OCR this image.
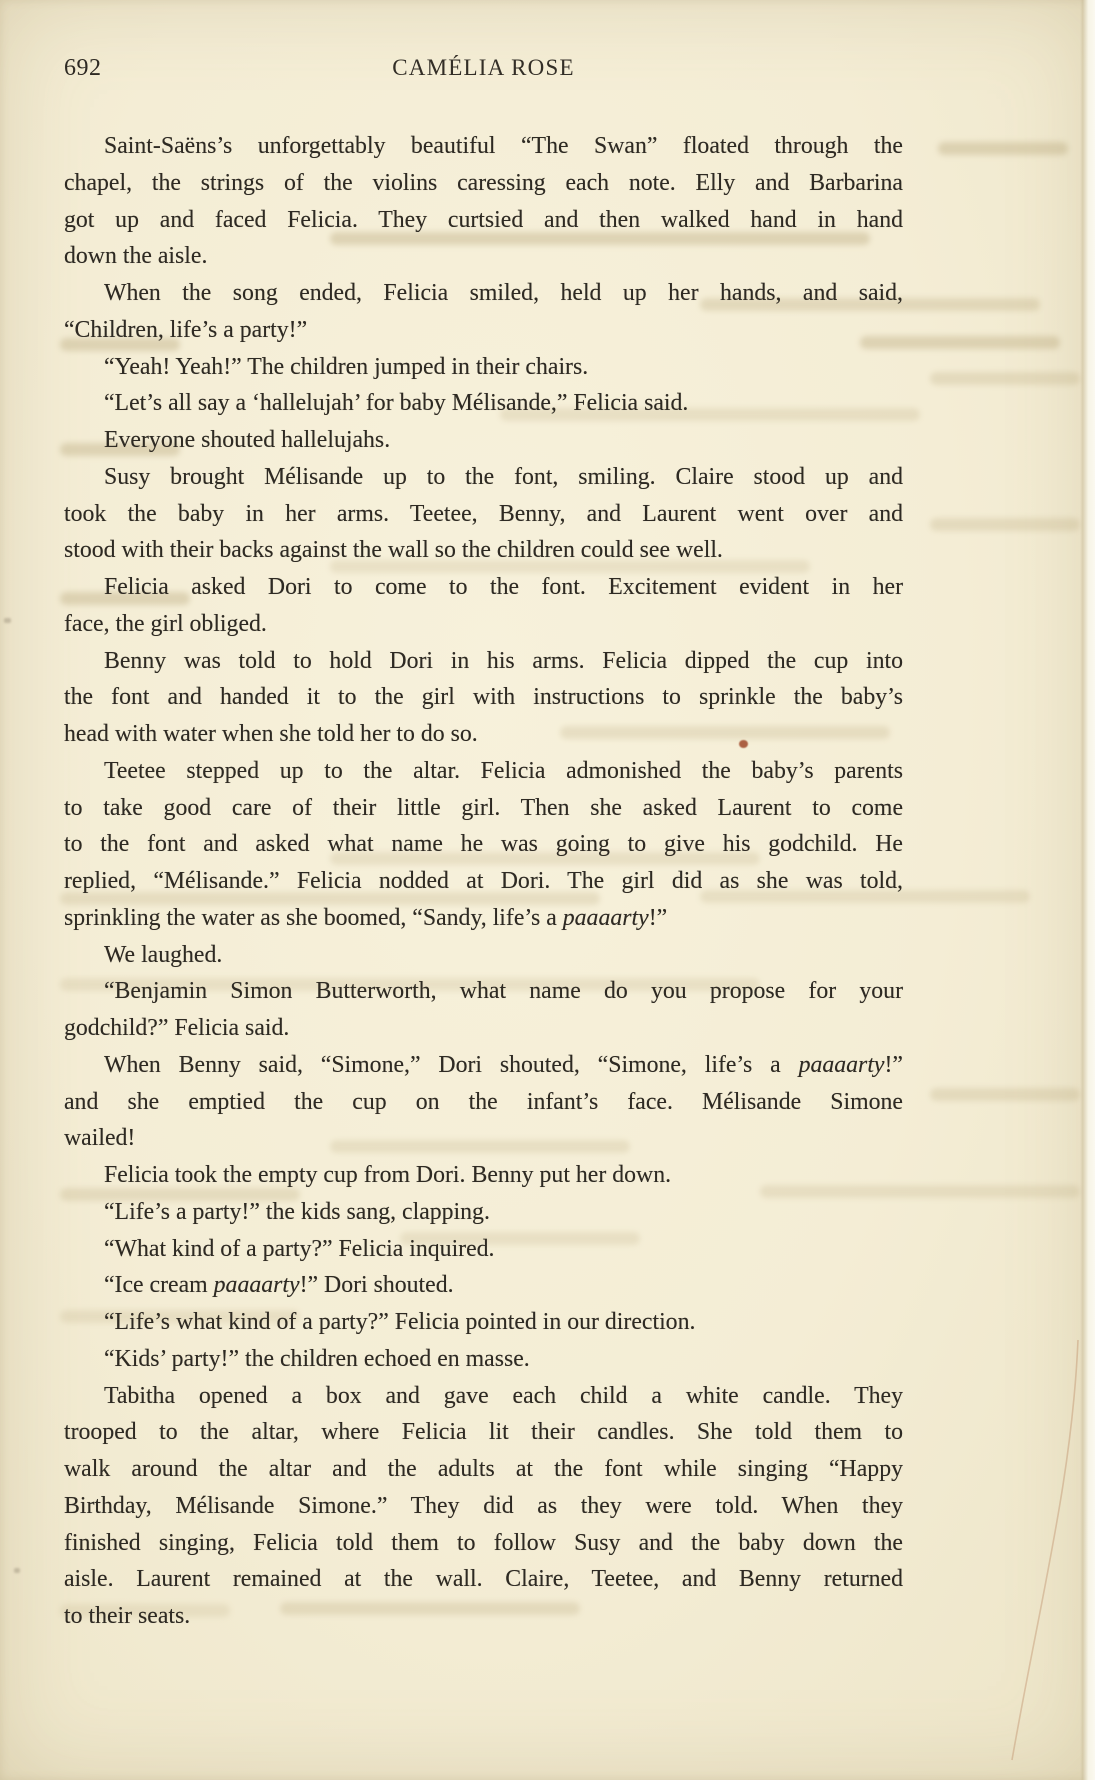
692	CAMÉLIA ROSE
Saint-Saëns’s unforgettably beautiful “The Swan” floated through the
chapel, the strings of the violins caressing each note. Elly and Barbarina
got up and faced Felicia. They curtsied and then walked hand in hand
down the aisle.
When the song ended, Felicia smiled, held up her hands, and said,
“Children, life’s a party!”
“Yeah! Yeah!” The children jumped in their chairs.
“Let’s all say a ‘hallelujah’ for baby Mélisande,” Felicia said.
Everyone shouted hallelujahs.
Susy brought Mélisande up to the font, smiling. Claire stood up and
took the baby in her arms. Teetee, Benny, and Laurent went over and
stood with their backs against the wall so the children could see well.
Felicia asked Dori to come to the font. Excitement evident in her
face, the girl obliged.
Benny was told to hold Dori in his arms. Felicia dipped the cup into
the font and handed it to the girl with instructions to sprinkle the baby’s
head with water when she told her to do so.
Teetee stepped up to the altar. Felicia admonished the baby’s parents
to take good care of their little girl. Then she asked Laurent to come
to the font and asked what name he was going to give his godchild. He
replied, “Mélisande.” Felicia nodded at Dori. The girl did as she was told,
sprinkling the water as she boomed, “Sandy, life’s a paaaarty!”
We laughed.
“Benjamin Simon Butterworth, what name do you propose for your
godchild?” Felicia said.
When Benny said, “Simone,” Dori shouted, “Simone, life’s a paaaarty!”
and she emptied the cup on the infant’s face. Mélisande Simone
wailed!
Felicia took the empty cup from Dori. Benny put her down.
“Life’s a party!” the kids sang, clapping.
“What kind of a party?” Felicia inquired.
“Ice cream paaaarty!” Dori shouted.
“Life’s what kind of a party?” Felicia pointed in our direction.
“Kids’ party!” the children echoed en masse.
Tabitha opened a box and gave each child a white candle. They
trooped to the altar, where Felicia lit their candles. She told them to
walk around the altar and the adults at the font while singing “Happy
Birthday, Mélisande Simone.” They did as they were told. When they
finished singing, Felicia told them to follow Susy and the baby down the
aisle. Laurent remained at the wall. Claire, Teetee, and Benny returned
to their seats.
